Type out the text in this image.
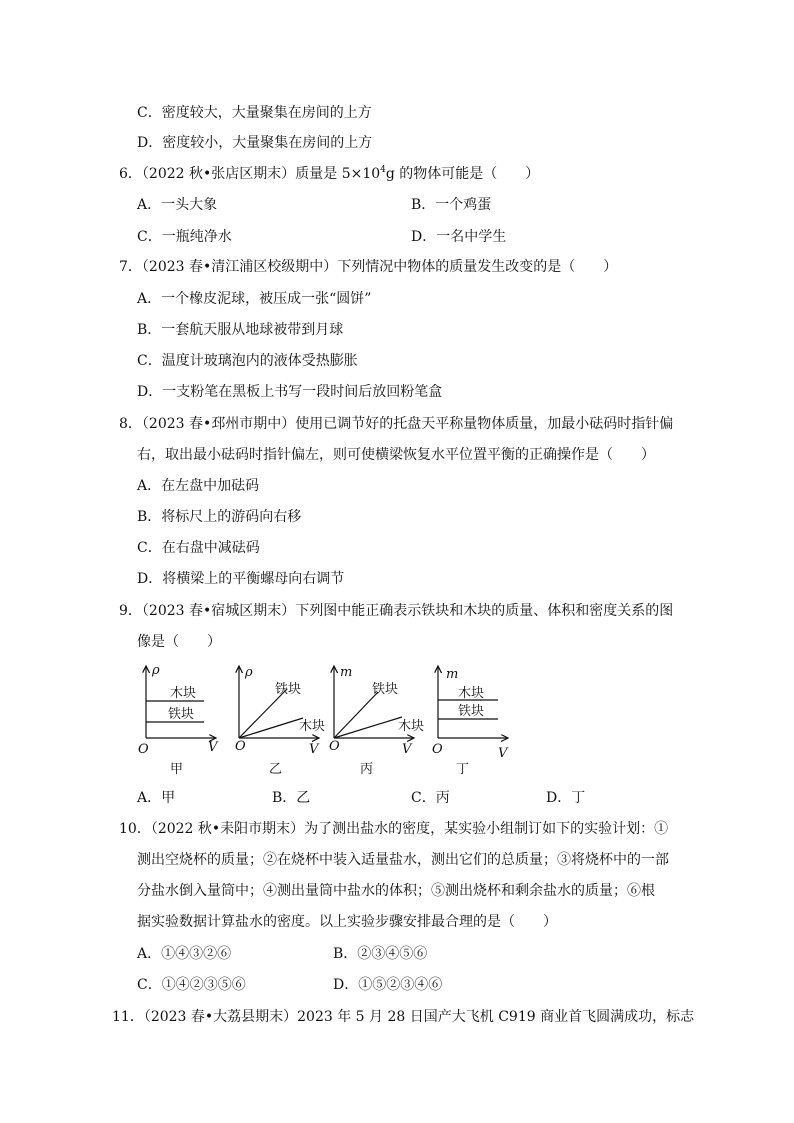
C．密度较大，大量聚集在房间的上方
D．密度较小，大量聚集在房间的上方
6．（2022 秋•张店区期末）质量是 $5\times 10^4g$ 的物体可能是（　　）
A．一头大象	B．一个鸡蛋
C．一瓶纯净水	D．一名中学生
7．（2023 春•清江浦区校级期中）下列情况中物体的质量发生改变的是（　　）
A．一个橡皮泥球，被压成一张“圆饼”
B．一套航天服从地球被带到月球
C．温度计玻璃泡内的液体受热膨胀
D．一支粉笔在黑板上书写一段时间后放回粉笔盒
8．（2023 春•邳州市期中）使用已调节好的托盘天平称量物体质量，加最小砝码时指针偏
右，取出最小砝码时指针偏左，则可使横梁恢复水平位置平衡的正确操作是（　　）
A．在左盘中加砝码
B．将标尺上的游码向右移
C．在右盘中减砝码
D．将横梁上的平衡螺母向右调节
9．（2023 春•宿城区期末）下列图中能正确表示铁块和木块的质量、体积和密度关系的图
像是（　　）
ρ
V
O
木块
铁块
甲
ρ
V
O
铁块
木块
乙
m
V
O
铁块
木块
丙
m
V
O
木块
铁块
丁
A．甲	B．乙	C．丙	D．丁
10．（2022 秋•耒阳市期末）为了测出盐水的密度，某实验小组制订如下的实验计划：①
测出空烧杯的质量；②在烧杯中装入适量盐水，测出它们的总质量；③将烧杯中的一部
分盐水倒入量筒中；④测出量筒中盐水的体积；⑤测出烧杯和剩余盐水的质量；⑥根
据实验数据计算盐水的密度。以上实验步骤安排最合理的是（　　）
A．①④③②⑥	B．②③④⑤⑥
C．①④②③⑤⑥	D．①⑤②③④⑥
11．（2023 春•大荔县期末）2023 年 5 月 28 日国产大飞机 C919 商业首飞圆满成功，标志
